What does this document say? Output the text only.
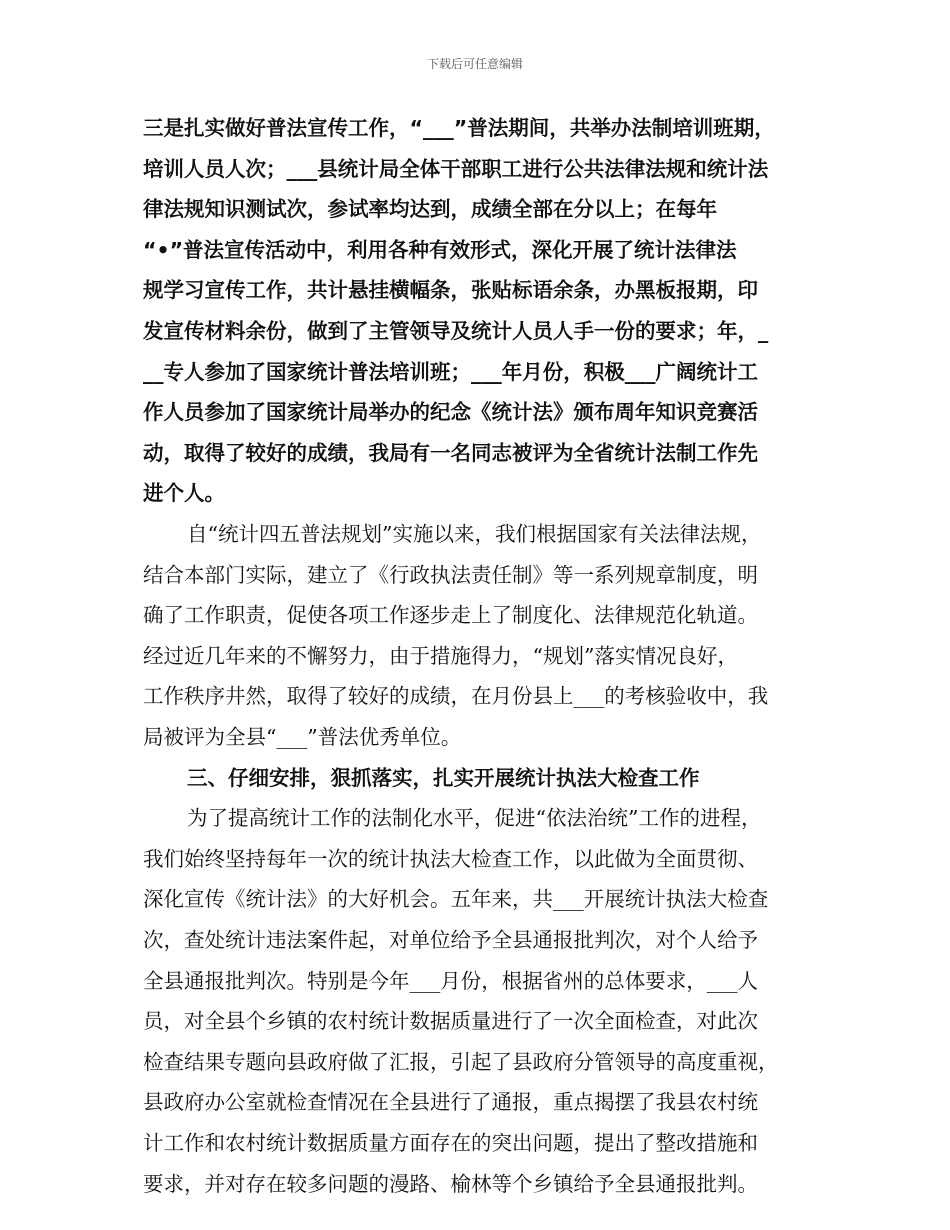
下载后可任意编辑
三是扎实做好普法宣传工作，“___”普法期间，共举办法制培训班期，
培训人员人次；___县统计局全体干部职工进行公共法律法规和统计法
律法规知识测试次，参试率均达到，成绩全部在分以上；在每年
“•”普法宣传活动中，利用各种有效形式，深化开展了统计法律法
规学习宣传工作，共计悬挂横幅条，张贴标语余条，办黑板报期，印
发宣传材料余份，做到了主管领导及统计人员人手一份的要求；年，_
__专人参加了国家统计普法培训班；___年月份，积极___广阔统计工
作人员参加了国家统计局举办的纪念《统计法》颁布周年知识竞赛活
动，取得了较好的成绩，我局有一名同志被评为全省统计法制工作先
进个人。
自“统计四五普法规划”实施以来，我们根据国家有关法律法规，
结合本部门实际，建立了《行政执法责任制》等一系列规章制度，明
确了工作职责，促使各项工作逐步走上了制度化、法律规范化轨道。
经过近几年来的不懈努力，由于措施得力，“规划”落实情况良好，
工作秩序井然，取得了较好的成绩，在月份县上___的考核验收中，我
局被评为全县“___”普法优秀单位。
三、仔细安排，狠抓落实，扎实开展统计执法大检查工作
为了提高统计工作的法制化水平，促进“依法治统”工作的进程，
我们始终坚持每年一次的统计执法大检查工作，以此做为全面贯彻、
深化宣传《统计法》的大好机会。五年来，共___开展统计执法大检查
次，查处统计违法案件起，对单位给予全县通报批判次，对个人给予
全县通报批判次。特别是今年___月份，根据省州的总体要求，___人
员，对全县个乡镇的农村统计数据质量进行了一次全面检查，对此次
检查结果专题向县政府做了汇报，引起了县政府分管领导的高度重视，
县政府办公室就检查情况在全县进行了通报，重点揭摆了我县农村统
计工作和农村统计数据质量方面存在的突出问题，提出了整改措施和
要求，并对存在较多问题的漫路、榆林等个乡镇给予全县通报批判。
